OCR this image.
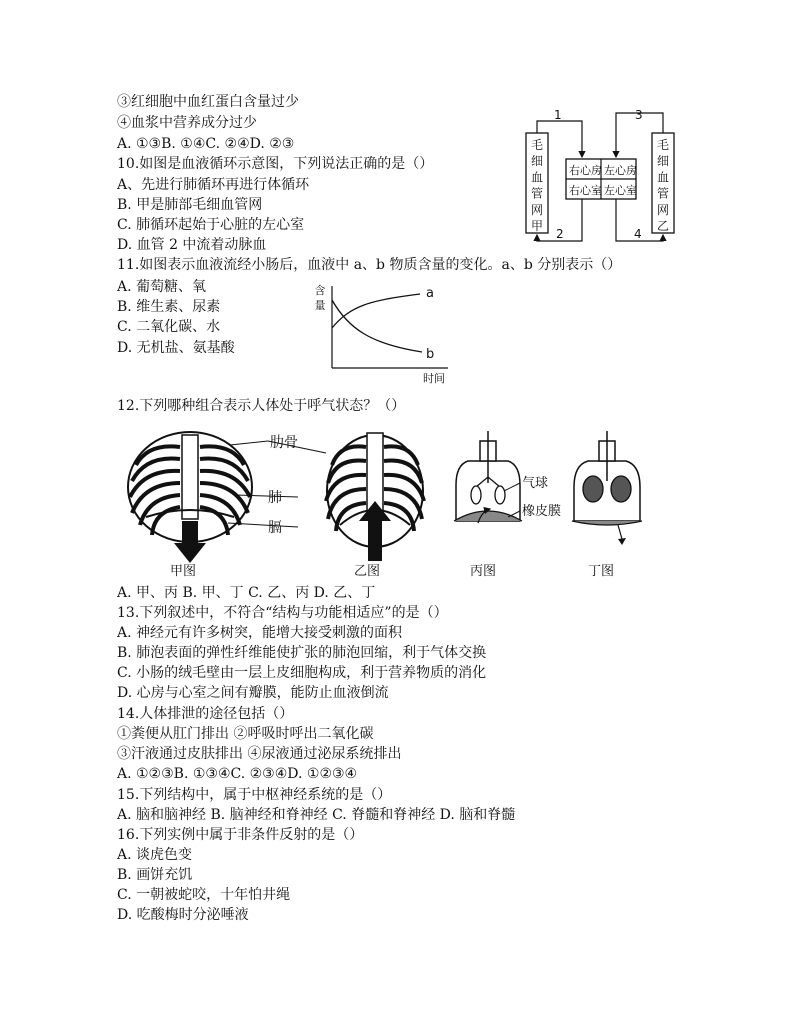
③红细胞中血红蛋白含量过少
④血浆中营养成分过少
A. ①③B. ①④C. ②④D. ②③
10.如图是血液循环示意图，下列说法正确的是（）
A、先进行肺循环再进行体循环
B. 甲是肺部毛细血管网
C. 肺循环起始于心脏的左心室
D. 血管 2 中流着动脉血
1	3
2	4
右心房 左心房
右心室 左心室
毛细血管网甲
毛细血管网乙
11.如图表示血液流经小肠后，血液中 a、b 物质含量的变化。a、b 分别表示（）
A. 葡萄糖、氧
B. 维生素、尿素
C. 二氧化碳、水
D. 无机盐、氨基酸
a
b
含量
时间
12.下列哪种组合表示人体处于呼气状态？（）
肋骨
肺
膈
气球
橡皮膜
甲图	乙图	丙图	丁图
A. 甲、丙 B. 甲、丁 C. 乙、丙 D. 乙、丁
13.下列叙述中，不符合“结构与功能相适应”的是（）
A. 神经元有许多树突，能增大接受刺激的面积
B. 肺泡表面的弹性纤维能使扩张的肺泡回缩，利于气体交换
C. 小肠的绒毛壁由一层上皮细胞构成，利于营养物质的消化
D. 心房与心室之间有瓣膜，能防止血液倒流
14.人体排泄的途径包括（）
①粪便从肛门排出 ②呼吸时呼出二氧化碳
③汗液通过皮肤排出 ④尿液通过泌尿系统排出
A. ①②③B. ①③④C. ②③④D. ①②③④
15.下列结构中，属于中枢神经系统的是（）
A. 脑和脑神经 B. 脑神经和脊神经 C. 脊髓和脊神经 D. 脑和脊髓
16.下列实例中属于非条件反射的是（）
A. 谈虎色变
B. 画饼充饥
C. 一朝被蛇咬，十年怕井绳
D. 吃酸梅时分泌唾液
